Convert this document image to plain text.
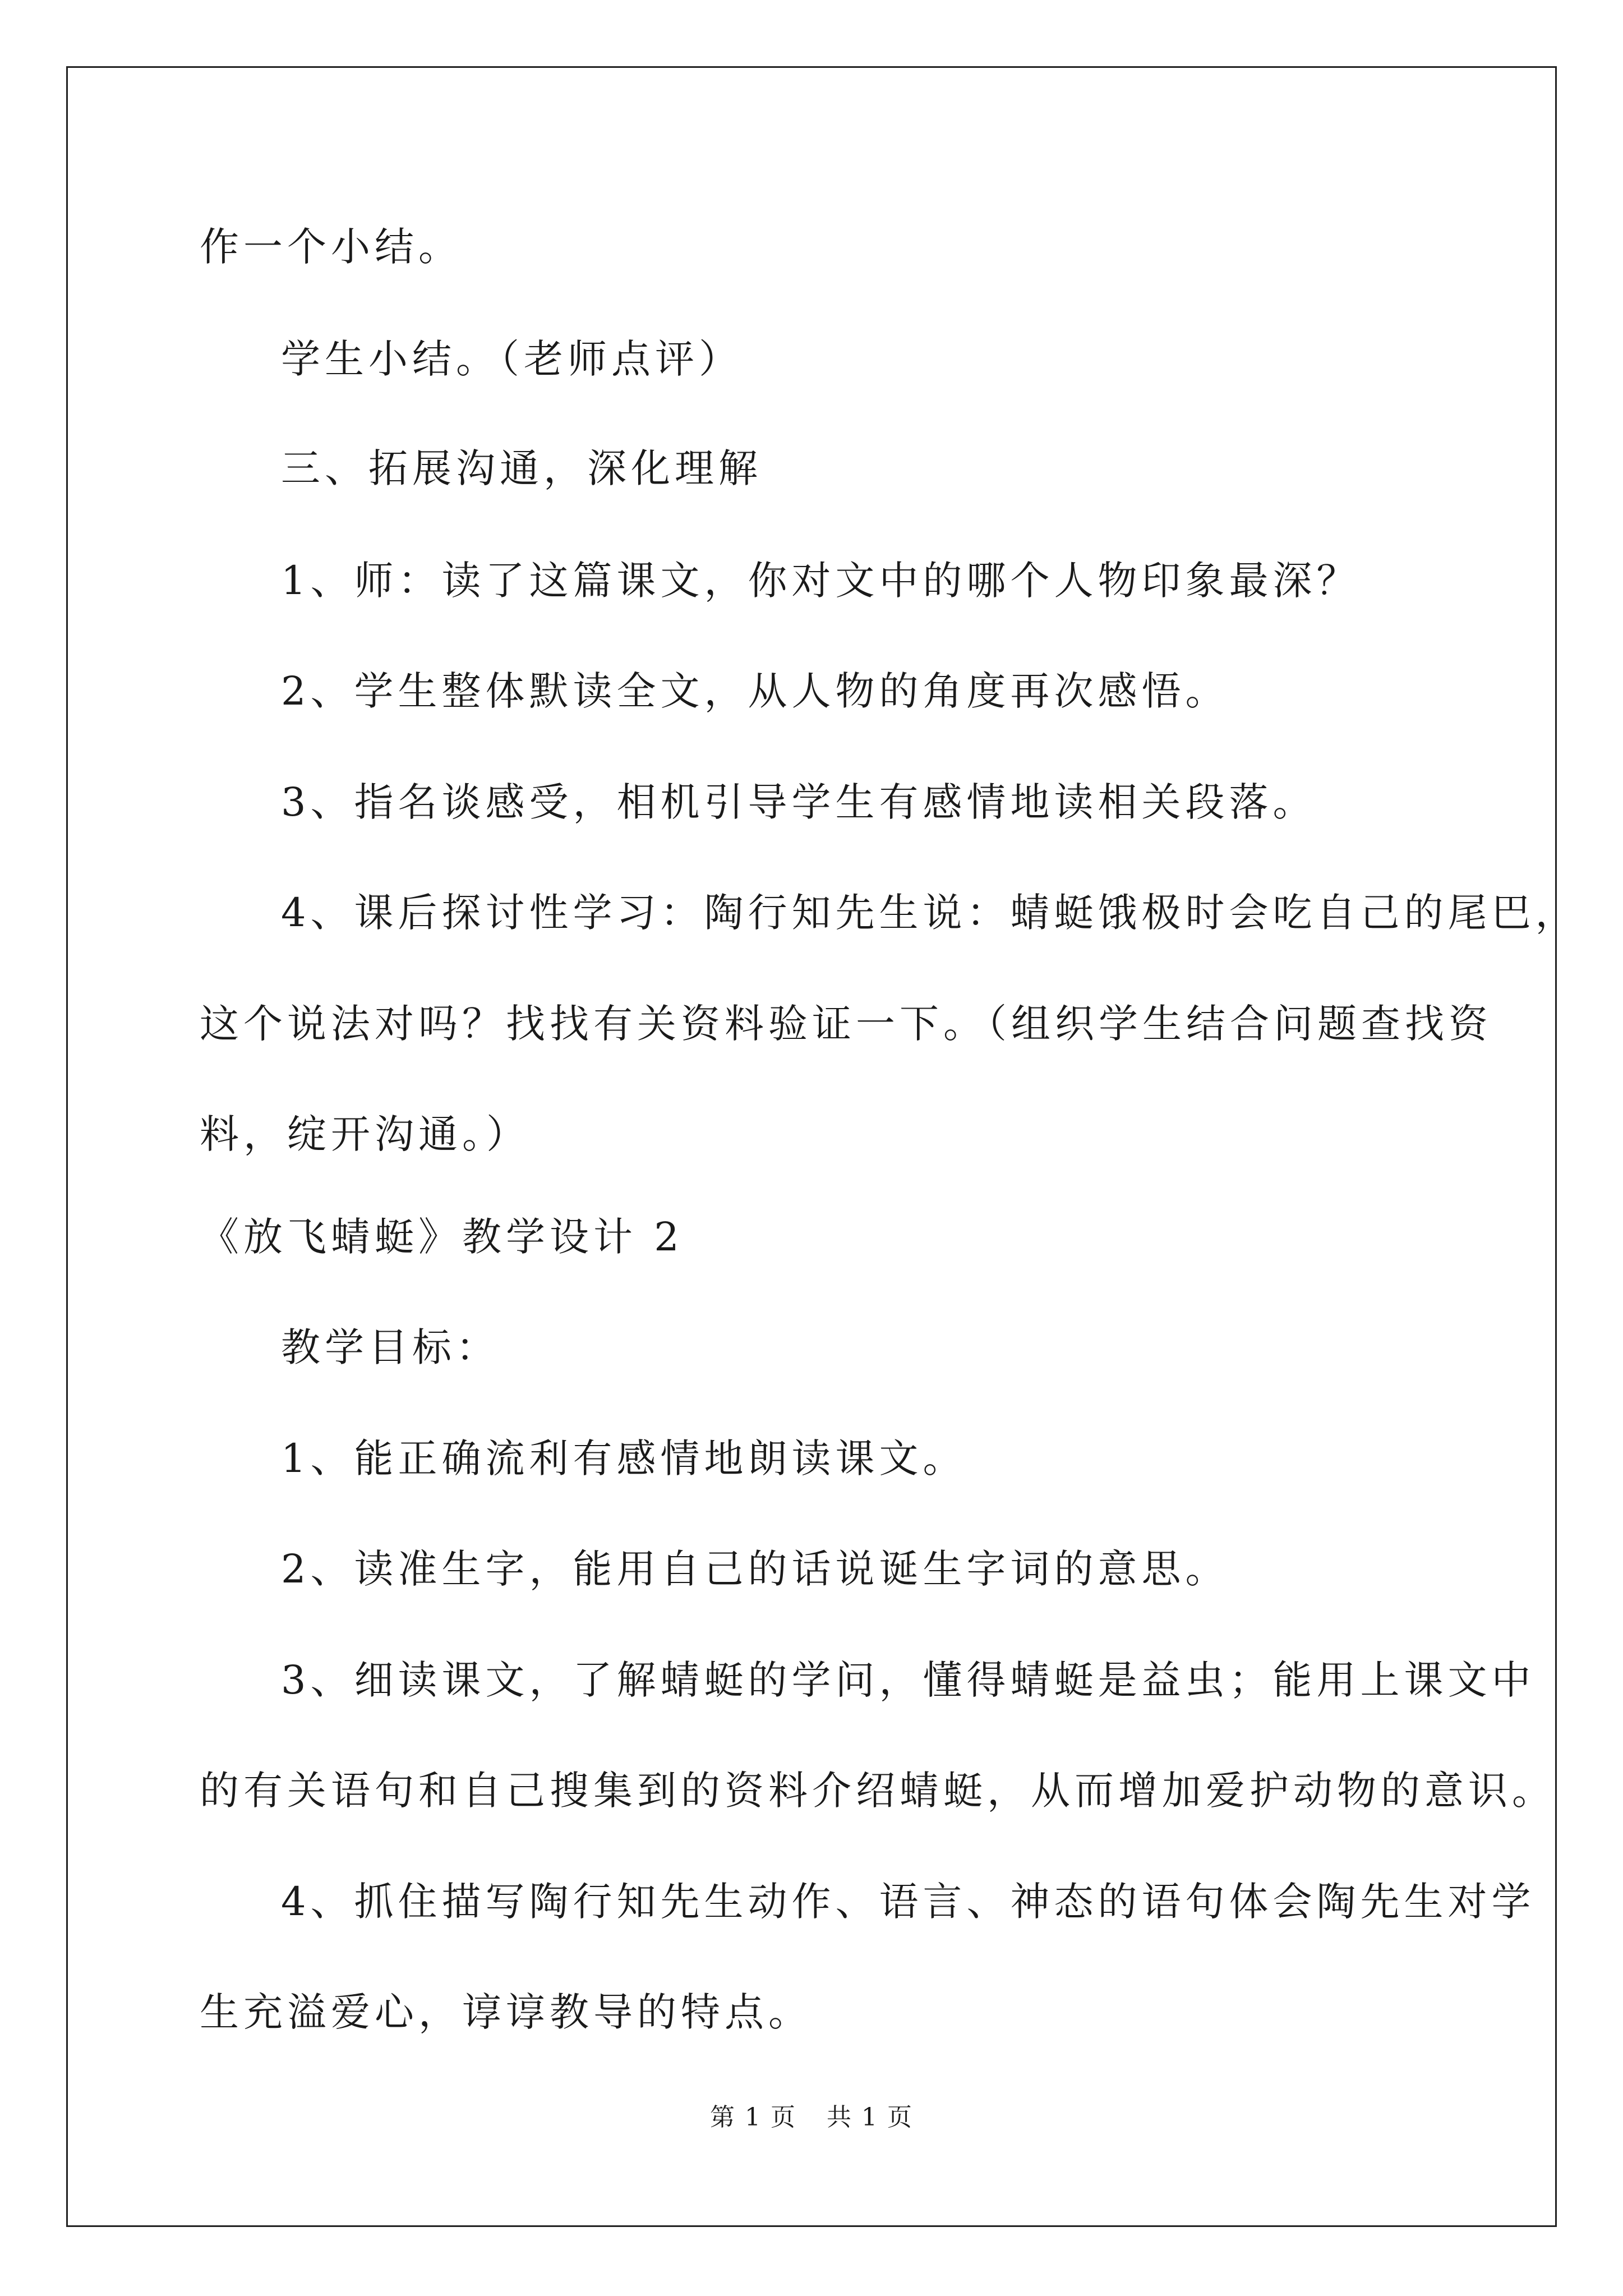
作一个小结。
学生小结。（老师点评）
三、拓展沟通，深化理解
1、师：读了这篇课文，你对文中的哪个人物印象最深？
2、学生整体默读全文，从人物的角度再次感悟。
3、指名谈感受，相机引导学生有感情地读相关段落。
4、课后探讨性学习：陶行知先生说：蜻蜓饿极时会吃自己的尾巴，
这个说法对吗？找找有关资料验证一下。（组织学生结合问题查找资
料，绽开沟通。）
《放飞蜻蜓》教学设计 2
教学目标：
1、能正确流利有感情地朗读课文。
2、读准生字，能用自己的话说诞生字词的意思。
3、细读课文，了解蜻蜓的学问，懂得蜻蜓是益虫；能用上课文中
的有关语句和自己搜集到的资料介绍蜻蜓，从而增加爱护动物的意识。
4、抓住描写陶行知先生动作、语言、神态的语句体会陶先生对学
生充溢爱心，谆谆教导的特点。
第 1 页 共 1 页
